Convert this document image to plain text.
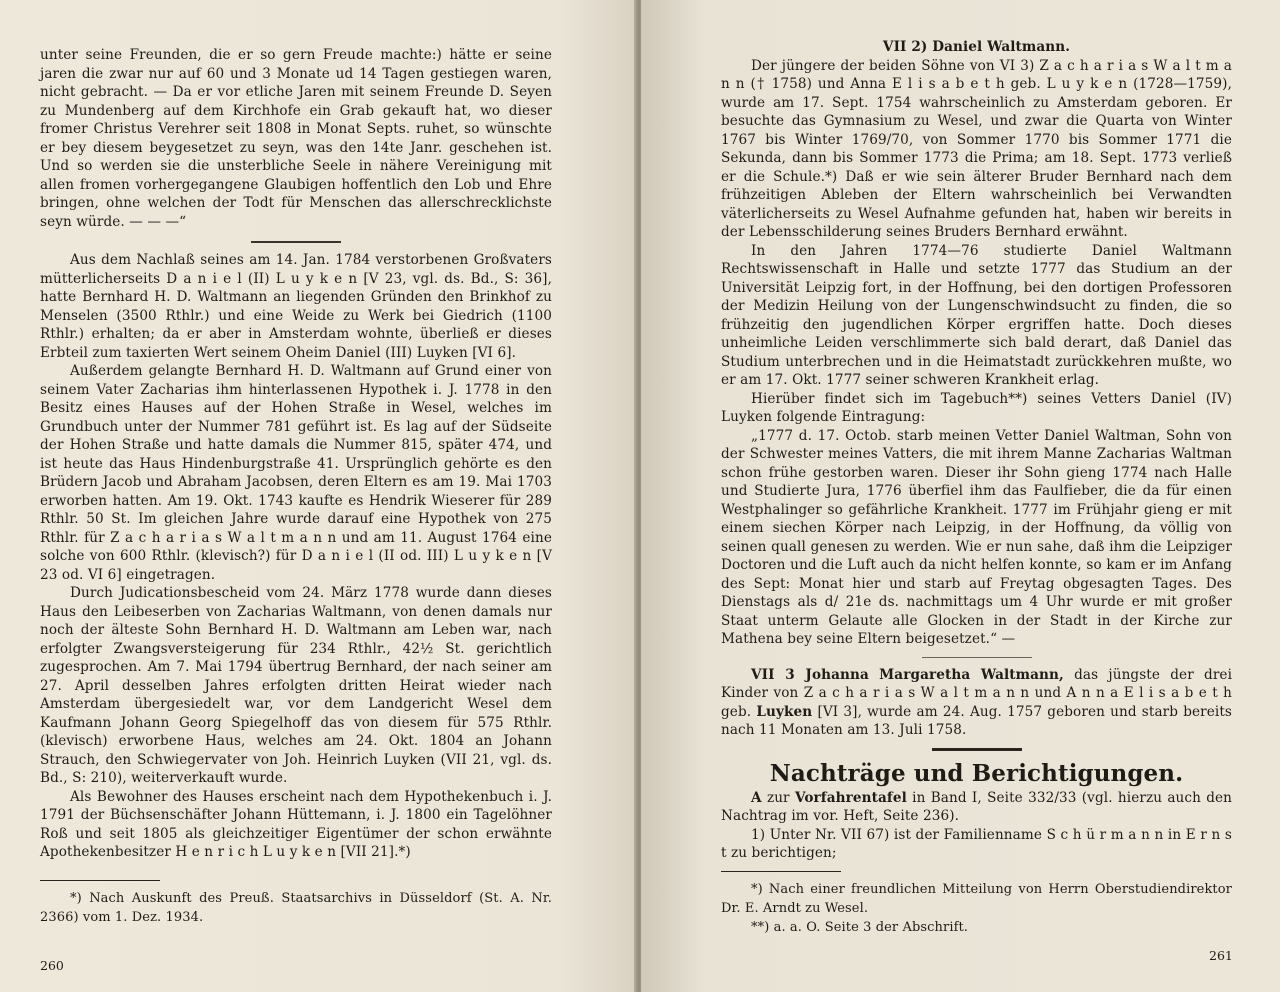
unter seine Freunden, die er so gern Freude machte:) hätte er seine jaren die zwar nur auf 60 und 3 Monate ud 14 Tagen gestiegen waren, nicht gebracht. — Da er vor etliche Jaren mit seinem Freunde D. Seyen zu Mundenberg auf dem Kirchhofe ein Grab gekauft hat, wo dieser fromer Christus Verehrer seit 1808 in Monat Septs. ruhet, so wünschte er bey diesem beygesetzet zu seyn, was den 14te Janr. geschehen ist. Und so werden sie die unsterbliche Seele in nähere Vereinigung mit allen fromen vorhergegangene Glaubigen hoffentlich den Lob und Ehre bringen, ohne welchen der Todt für Menschen das allerschrecklichste seyn würde. — — —“

Aus dem Nachlaß seines am 14. Jan. 1784 verstorbenen Großvaters mütterlicherseits D a n i e l (II) L u y k e n [V 23, vgl. ds. Bd., S: 36], hatte Bernhard H. D. Waltmann an liegenden Gründen den Brinkhof zu Menselen (3500 Rthlr.) und eine Weide zu Werk bei Giedrich (1100 Rthlr.) erhalten; da er aber in Amsterdam wohnte, überließ er dieses Erbteil zum taxierten Wert seinem Oheim Daniel (III) Luyken [VI 6].

Außerdem gelangte Bernhard H. D. Waltmann auf Grund einer von seinem Vater Zacharias ihm hinterlassenen Hypothek i. J. 1778 in den Besitz eines Hauses auf der Hohen Straße in Wesel, welches im Grundbuch unter der Nummer 781 geführt ist. Es lag auf der Südseite der Hohen Straße und hatte damals die Nummer 815, später 474, und ist heute das Haus Hindenburgstraße 41. Ursprünglich gehörte es den Brüdern Jacob und Abraham Jacobsen, deren Eltern es am 19. Mai 1703 erworben hatten. Am 19. Okt. 1743 kaufte es Hendrik Wieserer für 289 Rthlr. 50 St. Im gleichen Jahre wurde darauf eine Hypothek von 275 Rthlr. für Z a c h a r i a s W a l t m a n n und am 11. August 1764 eine solche von 600 Rthlr. (klevisch?) für D a n i e l (II od. III) L u y k e n [V 23 od. VI 6] eingetragen.

Durch Judicationsbescheid vom 24. März 1778 wurde dann dieses Haus den Leibeserben von Zacharias Waltmann, von denen damals nur noch der älteste Sohn Bernhard H. D. Waltmann am Leben war, nach erfolgter Zwangsversteigerung für 234 Rthlr., 42½ St. gerichtlich zugesprochen. Am 7. Mai 1794 übertrug Bernhard, der nach seiner am 27. April desselben Jahres erfolgten dritten Heirat wieder nach Amsterdam übergesiedelt war, vor dem Landgericht Wesel dem Kaufmann Johann Georg Spiegelhoff das von diesem für 575 Rthlr. (klevisch) erworbene Haus, welches am 24. Okt. 1804 an Johann Strauch, den Schwiegervater von Joh. Heinrich Luyken (VII 21, vgl. ds. Bd., S: 210), weiterverkauft wurde.

Als Bewohner des Hauses erscheint nach dem Hypothekenbuch i. J. 1791 der Büchsenschäfter Johann Hüttemann, i. J. 1800 ein Tagelöhner Roß und seit 1805 als gleichzeitiger Eigentümer der schon erwähnte Apothekenbesitzer H e n r i c h L u y k e n [VII 21].*)

*) Nach Auskunft des Preuß. Staatsarchivs in Düsseldorf (St. A. Nr. 2366) vom 1. Dez. 1934.

260

VII 2) Daniel Waltmann.

Der jüngere der beiden Söhne von VI 3) Z a c h a r i a s W a l t m a n n († 1758) und Anna E l i s a b e t h geb. L u y k e n (1728—1759), wurde am 17. Sept. 1754 wahrscheinlich zu Amsterdam geboren. Er besuchte das Gymnasium zu Wesel, und zwar die Quarta von Winter 1767 bis Winter 1769/70, von Sommer 1770 bis Sommer 1771 die Sekunda, dann bis Sommer 1773 die Prima; am 18. Sept. 1773 verließ er die Schule.*) Daß er wie sein älterer Bruder Bernhard nach dem frühzeitigen Ableben der Eltern wahrscheinlich bei Verwandten väterlicherseits zu Wesel Aufnahme gefunden hat, haben wir bereits in der Lebensschilderung seines Bruders Bernhard erwähnt.

In den Jahren 1774—76 studierte Daniel Waltmann Rechtswissenschaft in Halle und setzte 1777 das Studium an der Universität Leipzig fort, in der Hoffnung, bei den dortigen Professoren der Medizin Heilung von der Lungenschwindsucht zu finden, die so frühzeitig den jugendlichen Körper ergriffen hatte. Doch dieses unheimliche Leiden verschlimmerte sich bald derart, daß Daniel das Studium unterbrechen und in die Heimatstadt zurückkehren mußte, wo er am 17. Okt. 1777 seiner schweren Krankheit erlag.

Hierüber findet sich im Tagebuch**) seines Vetters Daniel (IV) Luyken folgende Eintragung:

„1777 d. 17. Octob. starb meinen Vetter Daniel Waltman, Sohn von der Schwester meines Vatters, die mit ihrem Manne Zacharias Waltman schon frühe gestorben waren. Dieser ihr Sohn gieng 1774 nach Halle und Studierte Jura, 1776 überfiel ihm das Faulfieber, die da für einen Westphalinger so gefährliche Krankheit. 1777 im Frühjahr gieng er mit einem siechen Körper nach Leipzig, in der Hoffnung, da völlig von seinen quall genesen zu werden. Wie er nun sahe, daß ihm die Leipziger Doctoren und die Luft auch da nicht helfen konnte, so kam er im Anfang des Sept: Monat hier und starb auf Freytag obgesagten Tages. Des Dienstags als d/ 21e ds. nachmittags um 4 Uhr wurde er mit großer Staat unterm Gelaute alle Glocken in der Stadt in der Kirche zur Mathena bey seine Eltern beigesetzet.“ —

VII 3 Johanna Margaretha Waltmann, das jüngste der drei Kinder von Z a c h a r i a s W a l t m a n n und A n n a E l i s a b e t h geb. Luyken [VI 3], wurde am 24. Aug. 1757 geboren und starb bereits nach 11 Monaten am 13. Juli 1758.

Nachträge und Berichtigungen.

A zur Vorfahrentafel in Band I, Seite 332/33 (vgl. hierzu auch den Nachtrag im vor. Heft, Seite 236).

1) Unter Nr. VII 67) ist der Familienname S c h ü r m a n n in E r n s t zu berichtigen;

*) Nach einer freundlichen Mitteilung von Herrn Oberstudiendirektor Dr. E. Arndt zu Wesel.

**) a. a. O. Seite 3 der Abschrift.

261
